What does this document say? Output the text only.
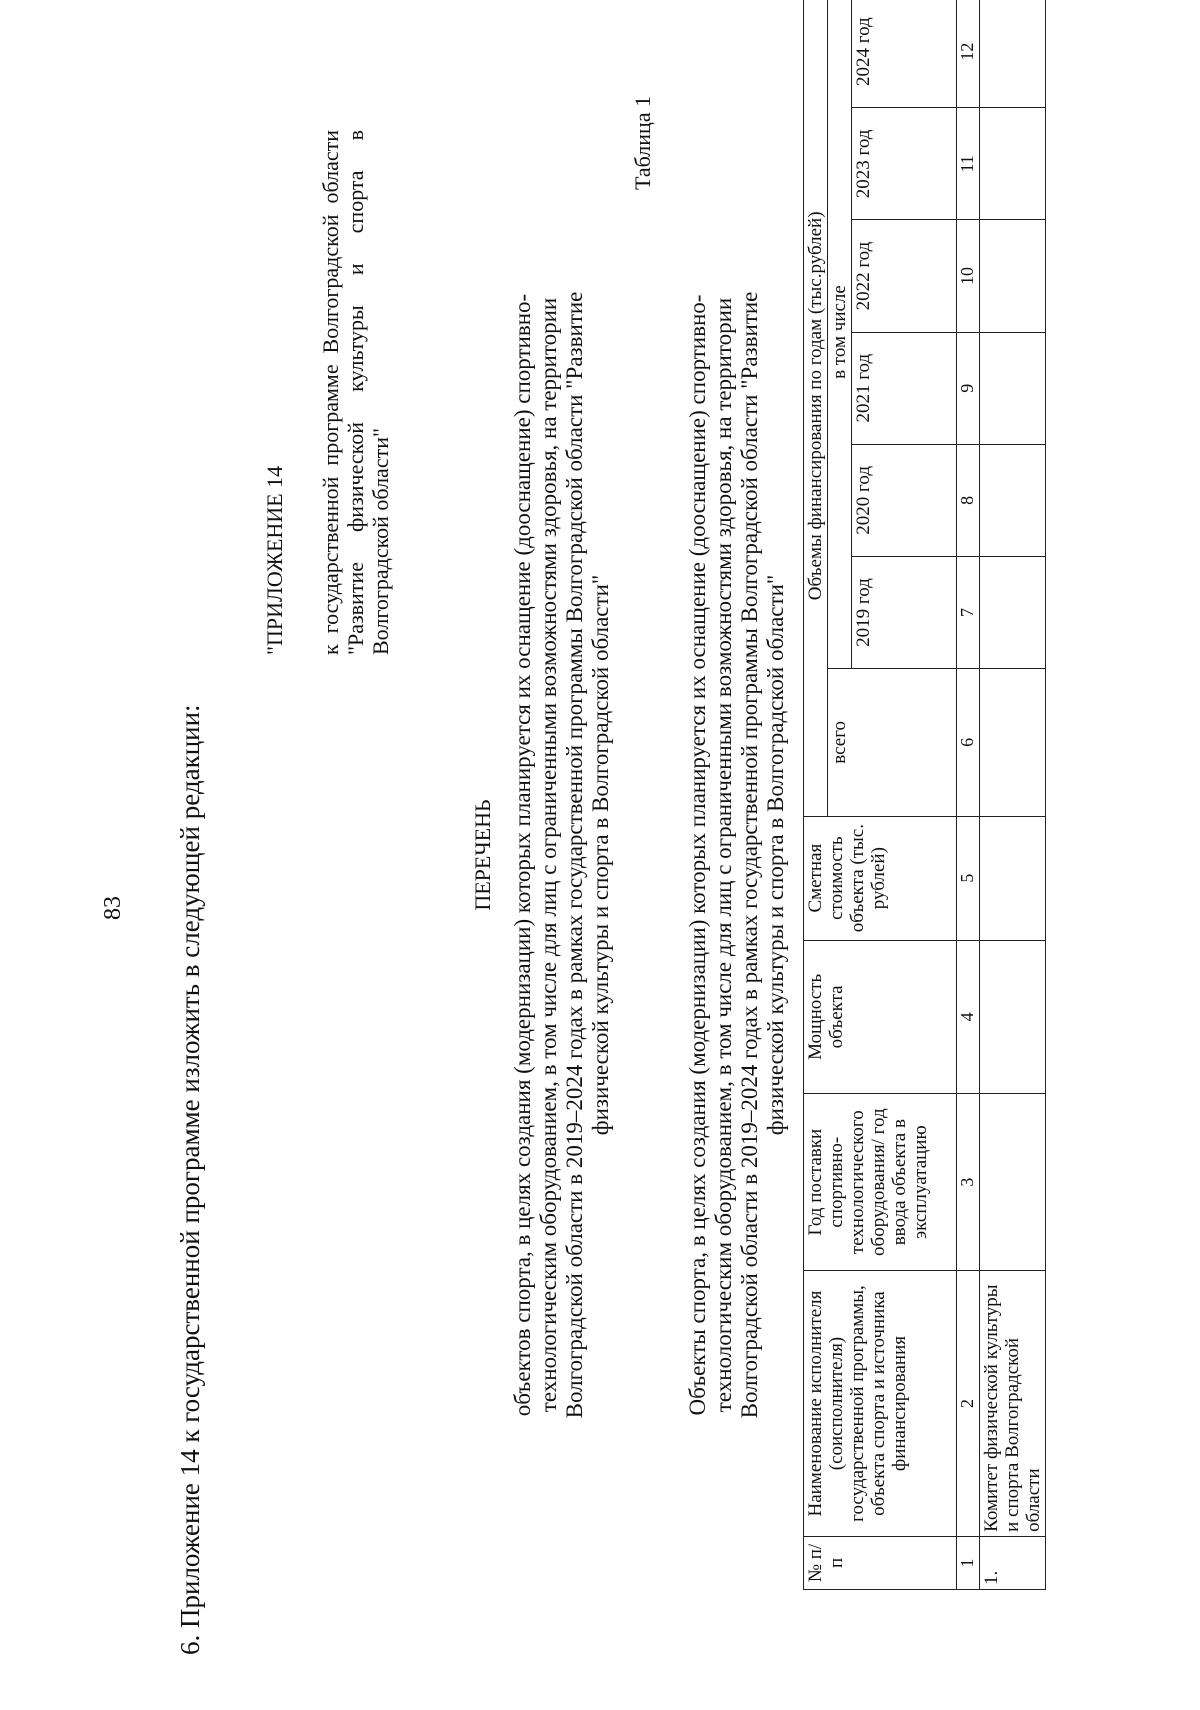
83 6. Приложение 14 к государственной программе изложить в следующей редакции:
"ПРИЛОЖЕНИЕ 14 к государственной программе Волгоградской области "Развитие физической культуры и спорта в Волгоградской области"
ПЕРЕЧЕНЬ объектов спорта, в целях создания (модернизации) которых планируется их оснащение (дооснащение) спортивно-технологическим оборудованием, в том числе для лиц с ограниченными возможностями здоровья, на территории Волгоградской области в 2019–2024 годах в рамках государственной программы Волгоградской области "Развитие физической культуры и спорта в Волгоградской области"
Таблица 1
Объекты спорта, в целях создания (модернизации) которых планируется их оснащение (дооснащение) спортивно-технологическим оборудованием, в том числе для лиц с ограниченными возможностями здоровья, на территории Волгоградской области в 2019–2024 годах в рамках государственной программы Волгоградской области "Развитие физической культуры и спорта в Волгоградской области"
№ п/п	Наименование исполнителя (соисполнителя) государственной программы, объекта спорта и источника финансирования	Год поставки спортивно-технологического оборудования/ год ввода объекта в эксплуатацию	Мощность объекта	Сметная стоимость объекта (тыс. рублей)	Объемы финансирования по годам (тыс.рублей)						
					всего	в том числе					
						2019 год	2020 год	2021 год	2022 год	2023 год	2024 год
1	2	3	4	5	6	7	8	9	10	11	12
1.	Комитет физической культуры и спорта Волгоградской области										
